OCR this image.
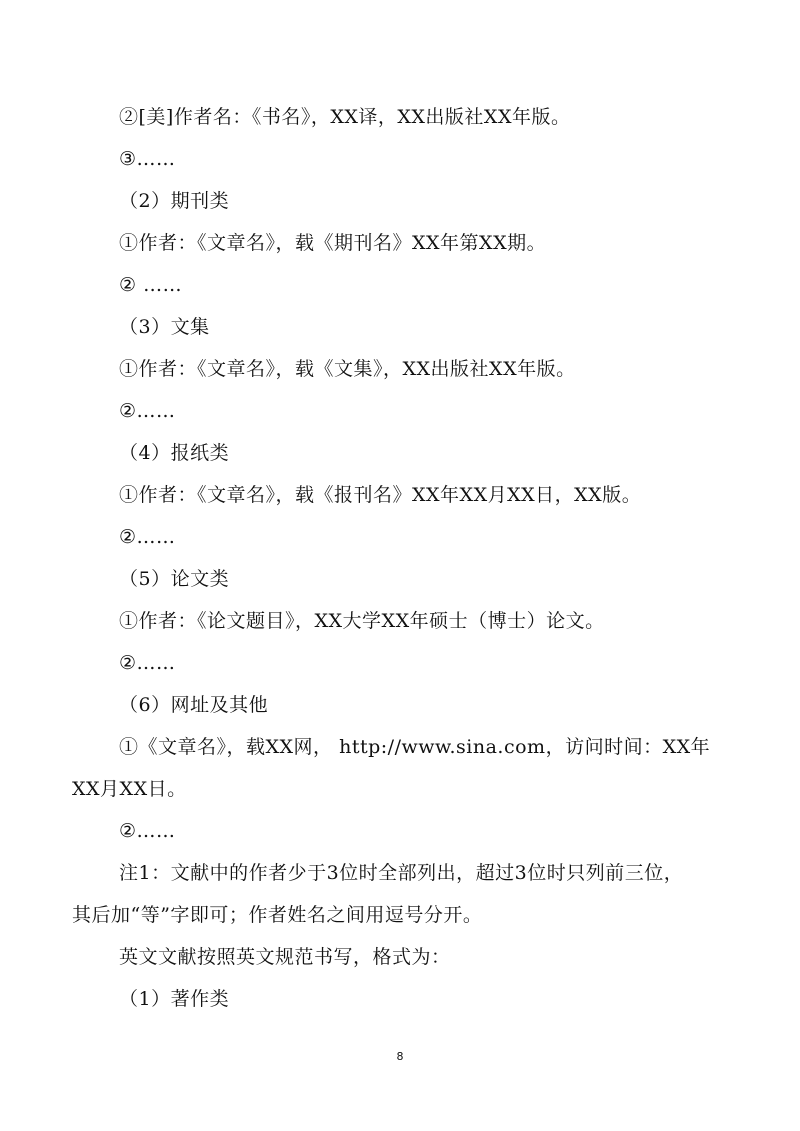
②[美]作者名：《书名》，XX译，XX出版社XX年版。
③……
（2）期刊类
①作者：《文章名》，载《期刊名》XX年第XX期。
② ……
（3）文集
①作者：《文章名》，载《文集》，XX出版社XX年版。
②……
（4）报纸类
①作者：《文章名》，载《报刊名》XX年XX月XX日，XX版。
②……
（5）论文类
①作者：《论文题目》，XX大学XX年硕士（博士）论文。
②……
（6）网址及其他
①《文章名》，载XX网， http://www.sina.com，访问时间：XX年
XX月XX日。
②……
注1：文献中的作者少于3位时全部列出，超过3位时只列前三位，
其后加“等”字即可；作者姓名之间用逗号分开。
英文文献按照英文规范书写，格式为：
（1）著作类
8
